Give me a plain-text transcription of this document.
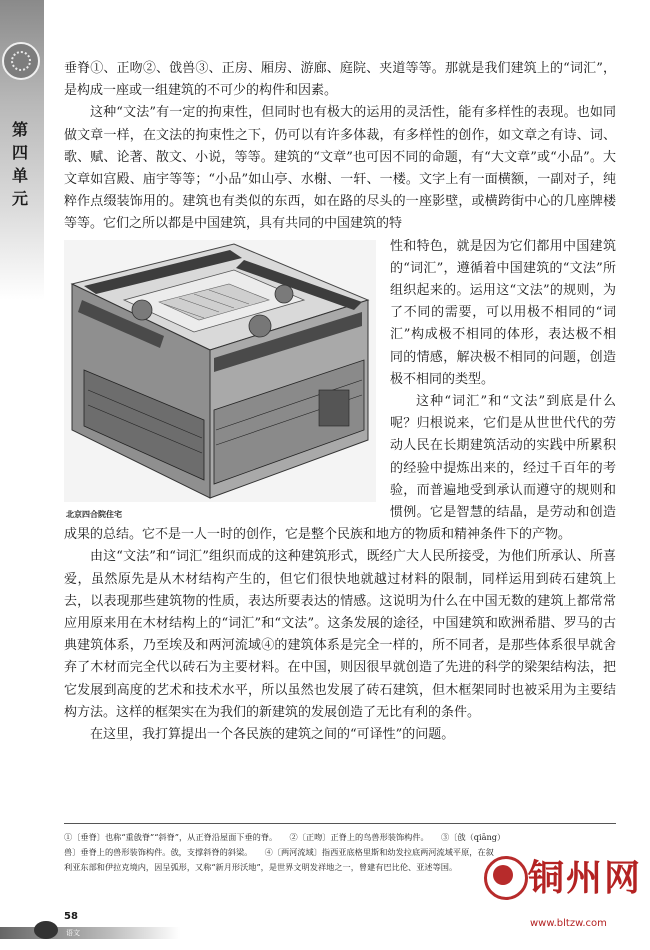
第
四
单
元

垂脊①、正吻②、戗兽③、正房、厢房、游廊、庭院、夹道等等。那就是我们建筑上的“词汇”，是构成一座或一组建筑的不可少的构件和因素。

这种“文法”有一定的拘束性，但同时也有极大的运用的灵活性，能有多样性的表现。也如同做文章一样，在文法的拘束性之下，仍可以有许多体裁，有多样性的创作，如文章之有诗、词、歌、赋、论著、散文、小说，等等。建筑的“文章”也可因不同的命题，有“大文章”或“小品”。大文章如宫殿、庙宇等等；“小品”如山亭、水榭、一轩、一楼。文字上有一面横额，一副对子，纯粹作点缀装饰用的。建筑也有类似的东西，如在路的尽头的一座影壁，或横跨街中心的几座牌楼等等。它们之所以都是中国建筑，具有共同的中国建筑的特

北京四合院住宅

性和特色，就是因为它们都用中国建筑的“词汇”，遵循着中国建筑的“文法”所组织起来的。运用这“文法”的规则，为了不同的需要，可以用极不相同的“词汇”构成极不相同的体形，表达极不相同的情感，解决极不相同的问题，创造极不相同的类型。

这种“词汇”和“文法”到底是什么呢？归根说来，它们是从世世代代的劳动人民在长期建筑活动的实践中所累积的经验中提炼出来的，经过千百年的考验，而普遍地受到承认而遵守的规则和惯例。它是智慧的结晶，是劳动和创造成果的总结。它不是一人一时的创作，它是整个民族和地方的物质和精神条件下的产物。

由这“文法”和“词汇”组织而成的这种建筑形式，既经广大人民所接受，为他们所承认、所喜爱，虽然原先是从木材结构产生的，但它们很快地就越过材料的限制，同样运用到砖石建筑上去，以表现那些建筑物的性质，表达所要表达的情感。这说明为什么在中国无数的建筑上都常常应用原来用在木材结构上的“词汇”和“文法”。这条发展的途径，中国建筑和欧洲希腊、罗马的古典建筑体系，乃至埃及和两河流域④的建筑体系是完全一样的，所不同者，是那些体系很早就舍弃了木材而完全代以砖石为主要材料。在中国，则因很早就创造了先进的科学的梁架结构法，把它发展到高度的艺术和技术水平，所以虽然也发展了砖石建筑，但木框架同时也被采用为主要结构方法。这样的框架实在为我们的新建筑的发展创造了无比有利的条件。

在这里，我打算提出一个各民族的建筑之间的“可译性”的问题。

①〔垂脊〕也称“重戗脊”“斜脊”，从正脊沿屋面下垂的脊。　　②〔正吻〕正脊上的鸟兽形装饰构件。　　③〔戗（qiāng）
兽〕垂脊上的兽形装饰构件。戗，支撑斜脊的斜梁。　　④〔两河流域〕指西亚底格里斯和幼发拉底两河流域平原，在叙
利亚东部和伊拉克境内，因呈弧形，又称“新月形沃地”，是世界文明发祥地之一，曾建有巴比伦、亚述等国。
58
语文
铜州网
www.bltzw.com
